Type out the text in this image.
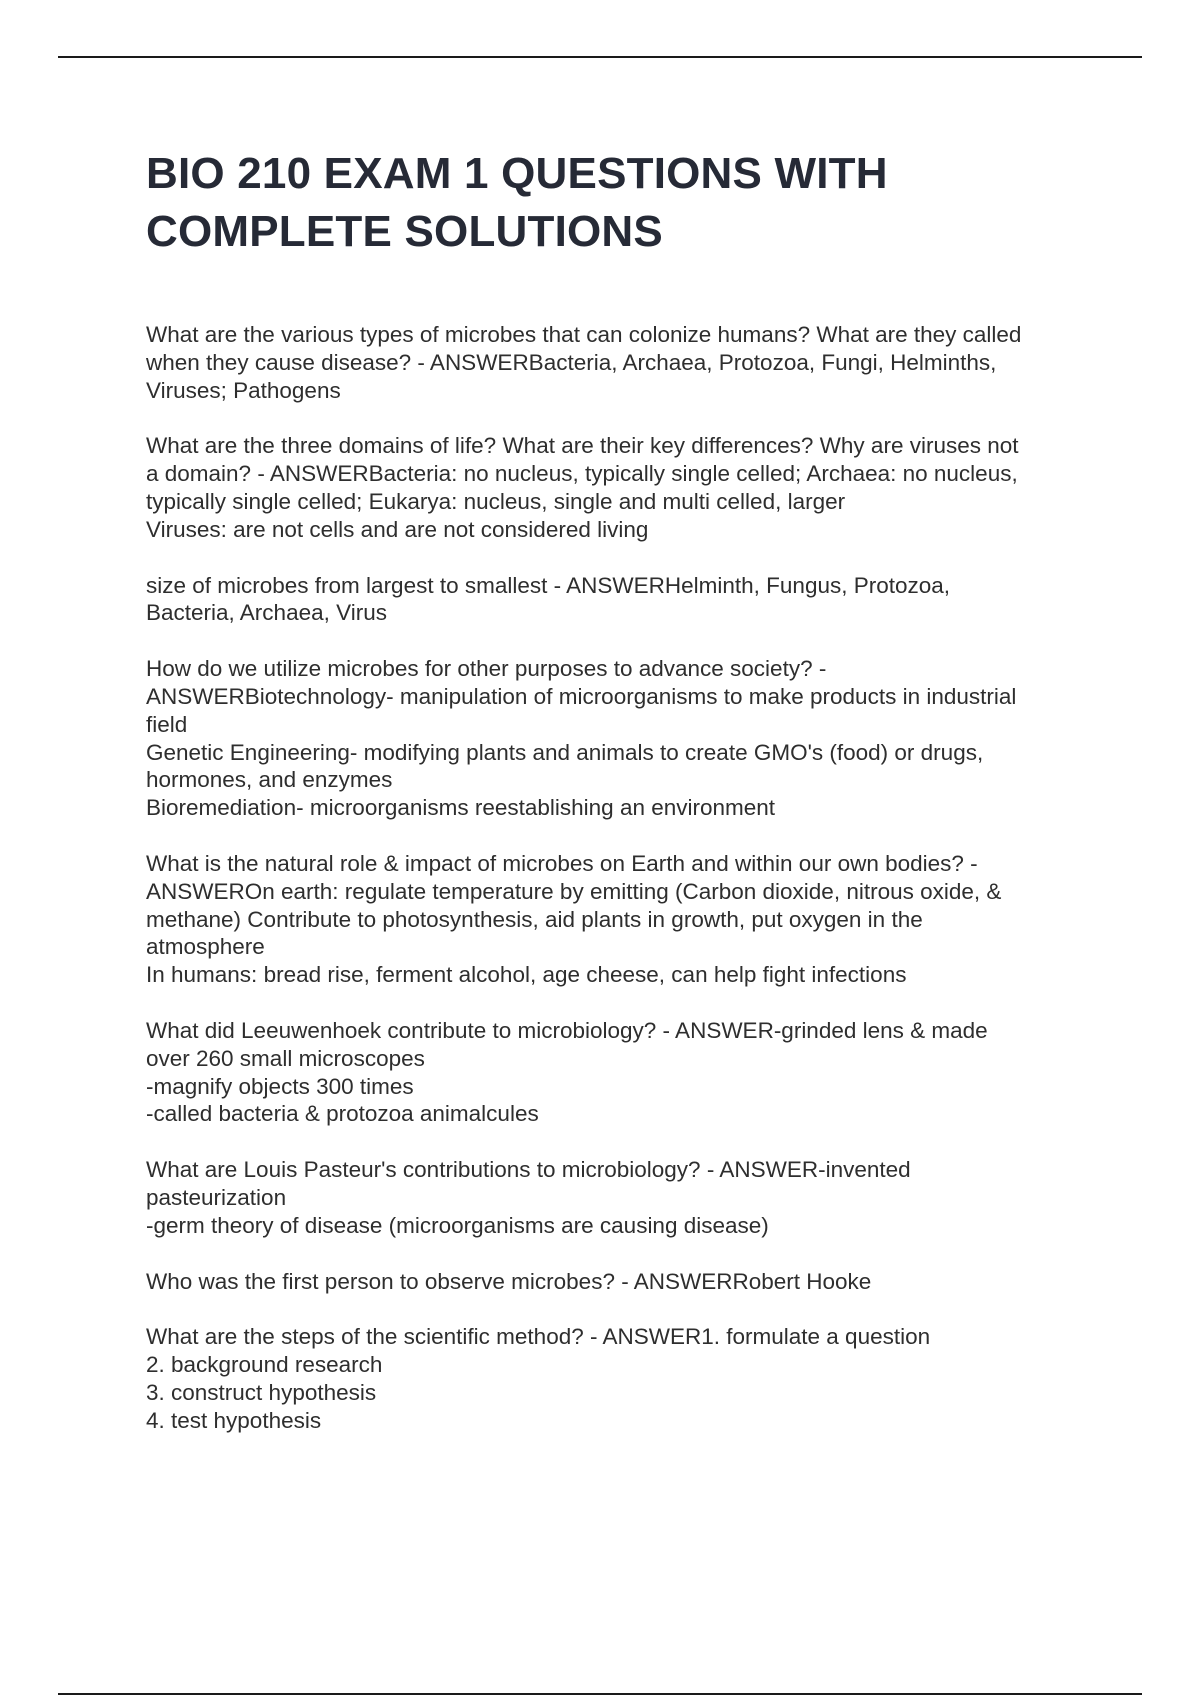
BIO 210 EXAM 1 QUESTIONS WITH
COMPLETE SOLUTIONS
What are the various types of microbes that can colonize humans? What are they called
when they cause disease? - ANSWERBacteria, Archaea, Protozoa, Fungi, Helminths,
Viruses; Pathogens
What are the three domains of life? What are their key differences? Why are viruses not
a domain? - ANSWERBacteria: no nucleus, typically single celled; Archaea: no nucleus,
typically single celled; Eukarya: nucleus, single and multi celled, larger
Viruses: are not cells and are not considered living
size of microbes from largest to smallest - ANSWERHelminth, Fungus, Protozoa,
Bacteria, Archaea, Virus
How do we utilize microbes for other purposes to advance society? -
ANSWERBiotechnology- manipulation of microorganisms to make products in industrial
field
Genetic Engineering- modifying plants and animals to create GMO's (food) or drugs,
hormones, and enzymes
Bioremediation- microorganisms reestablishing an environment
What is the natural role & impact of microbes on Earth and within our own bodies? -
ANSWEROn earth: regulate temperature by emitting (Carbon dioxide, nitrous oxide, &
methane) Contribute to photosynthesis, aid plants in growth, put oxygen in the
atmosphere
In humans: bread rise, ferment alcohol, age cheese, can help fight infections
What did Leeuwenhoek contribute to microbiology? - ANSWER-grinded lens & made
over 260 small microscopes
-magnify objects 300 times
-called bacteria & protozoa animalcules
What are Louis Pasteur's contributions to microbiology? - ANSWER-invented
pasteurization
-germ theory of disease (microorganisms are causing disease)
Who was the first person to observe microbes? - ANSWERRobert Hooke
What are the steps of the scientific method? - ANSWER1. formulate a question
2. background research
3. construct hypothesis
4. test hypothesis
